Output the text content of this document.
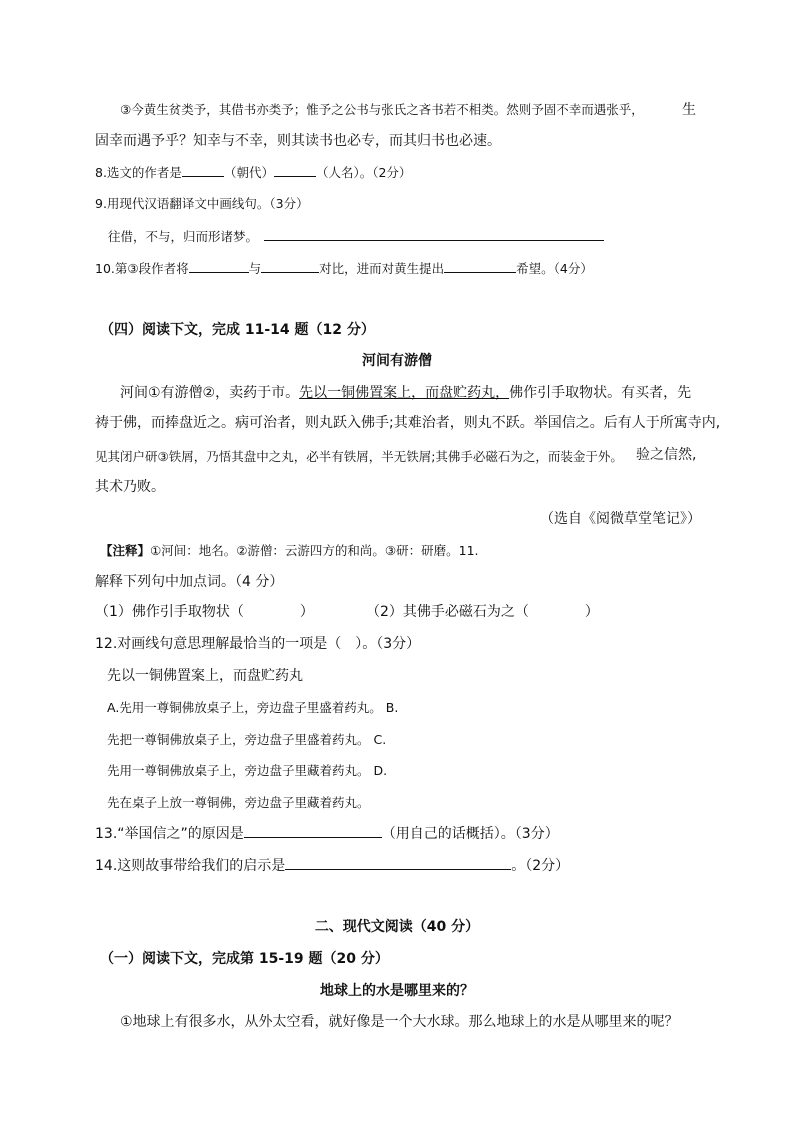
③今黄生贫类予，其借书亦类予；惟予之公书与张氏之吝书若不相类。然则予固不幸而遇张乎，	生
固幸而遇予乎？知幸与不幸，则其读书也必专，而其归书也必速。
8.选文的作者是	（朝代）	（人名）。（2分）
9.用现代汉语翻译文中画线句。（3分）
往借，不与，归而形诸梦。
10.第③段作者将	与	对比，进而对黄生提出	希望。（4分）
（四）阅读下文，完成 11-14 题（12 分）
河间有游僧
河间①有游僧②，卖药于市。先以一铜佛置案上，而盘贮药丸，佛作引手取物状。有买者，先
祷于佛，而捧盘近之。病可治者，则丸跃入佛手;其难治者，则丸不跃。举国信之。后有人于所寓寺内,
见其闭户研③铁屑，乃悟其盘中之丸，必半有铁屑，半无铁屑;其佛手必磁石为之，而装金于外。 验之信然,
其术乃败。
（选自《阅微草堂笔记》）
【注释】①河间：地名。②游僧：云游四方的和尚。③研：研磨。11.
解释下列句中加点词。（4 分）
（1）佛作引手取物状（	）	（2）其佛手必磁石为之（	）
12.对画线句意思理解最恰当的一项是（　）。（3分）
先以一铜佛置案上，而盘贮药丸
A.先用一尊铜佛放桌子上，旁边盘子里盛着药丸。 B.
先把一尊铜佛放桌子上，旁边盘子里盛着药丸。 C.
先用一尊铜佛放桌子上，旁边盘子里藏着药丸。 D.
先在桌子上放一尊铜佛，旁边盘子里藏着药丸。
13.“举国信之”的原因是	（用自己的话概括）。（3分）
14.这则故事带给我们的启示是	。（2分）
二、现代文阅读（40 分）
（一）阅读下文，完成第 15-19 题（20 分）
地球上的水是哪里来的？
①地球上有很多水，从外太空看，就好像是一个大水球。那么地球上的水是从哪里来的呢？
